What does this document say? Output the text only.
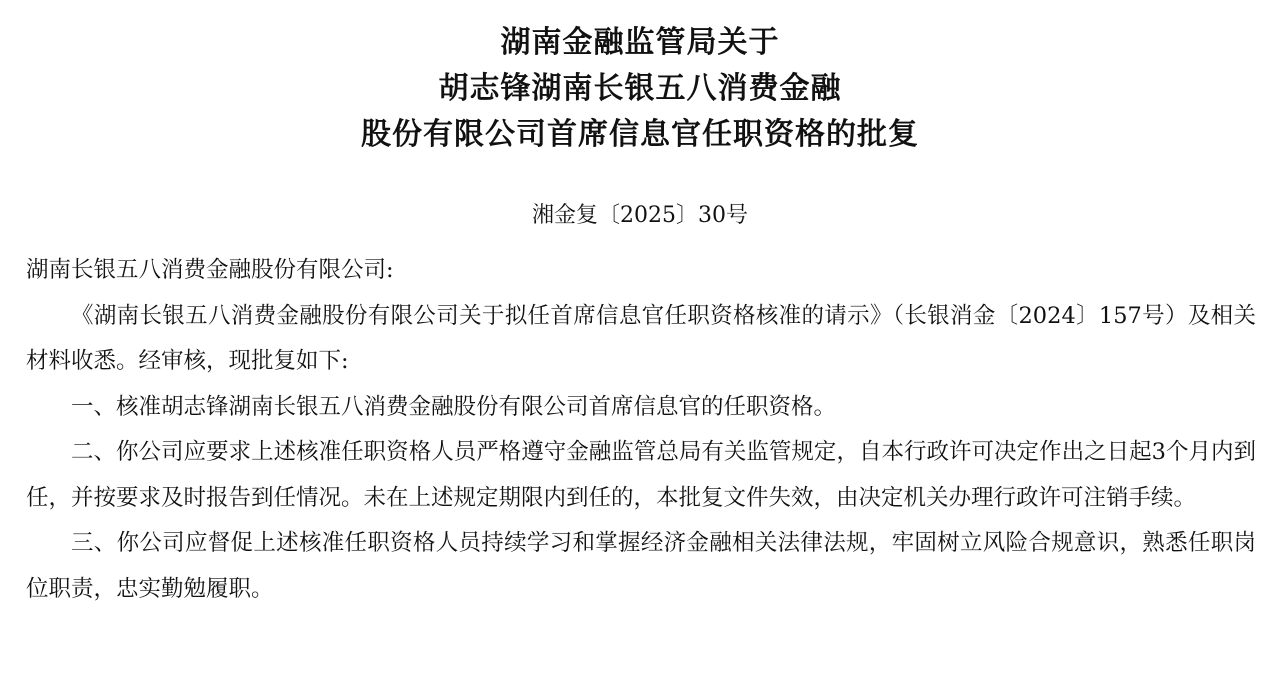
湖南金融监管局关于
胡志锋湖南长银五八消费金融
股份有限公司首席信息官任职资格的批复
湘金复〔2025〕30号

湖南长银五八消费金融股份有限公司:

《湖南长银五八消费金融股份有限公司关于拟任首席信息官任职资格核准的请示》（长银消金〔2024〕157号）及相关材料收悉。经审核，现批复如下:

一、核准胡志锋湖南长银五八消费金融股份有限公司首席信息官的任职资格。

二、你公司应要求上述核准任职资格人员严格遵守金融监管总局有关监管规定，自本行政许可决定作出之日起3个月内到任，并按要求及时报告到任情况。未在上述规定期限内到任的，本批复文件失效，由决定机关办理行政许可注销手续。

三、你公司应督促上述核准任职资格人员持续学习和掌握经济金融相关法律法规，牢固树立风险合规意识，熟悉任职岗位职责，忠实勤勉履职。
